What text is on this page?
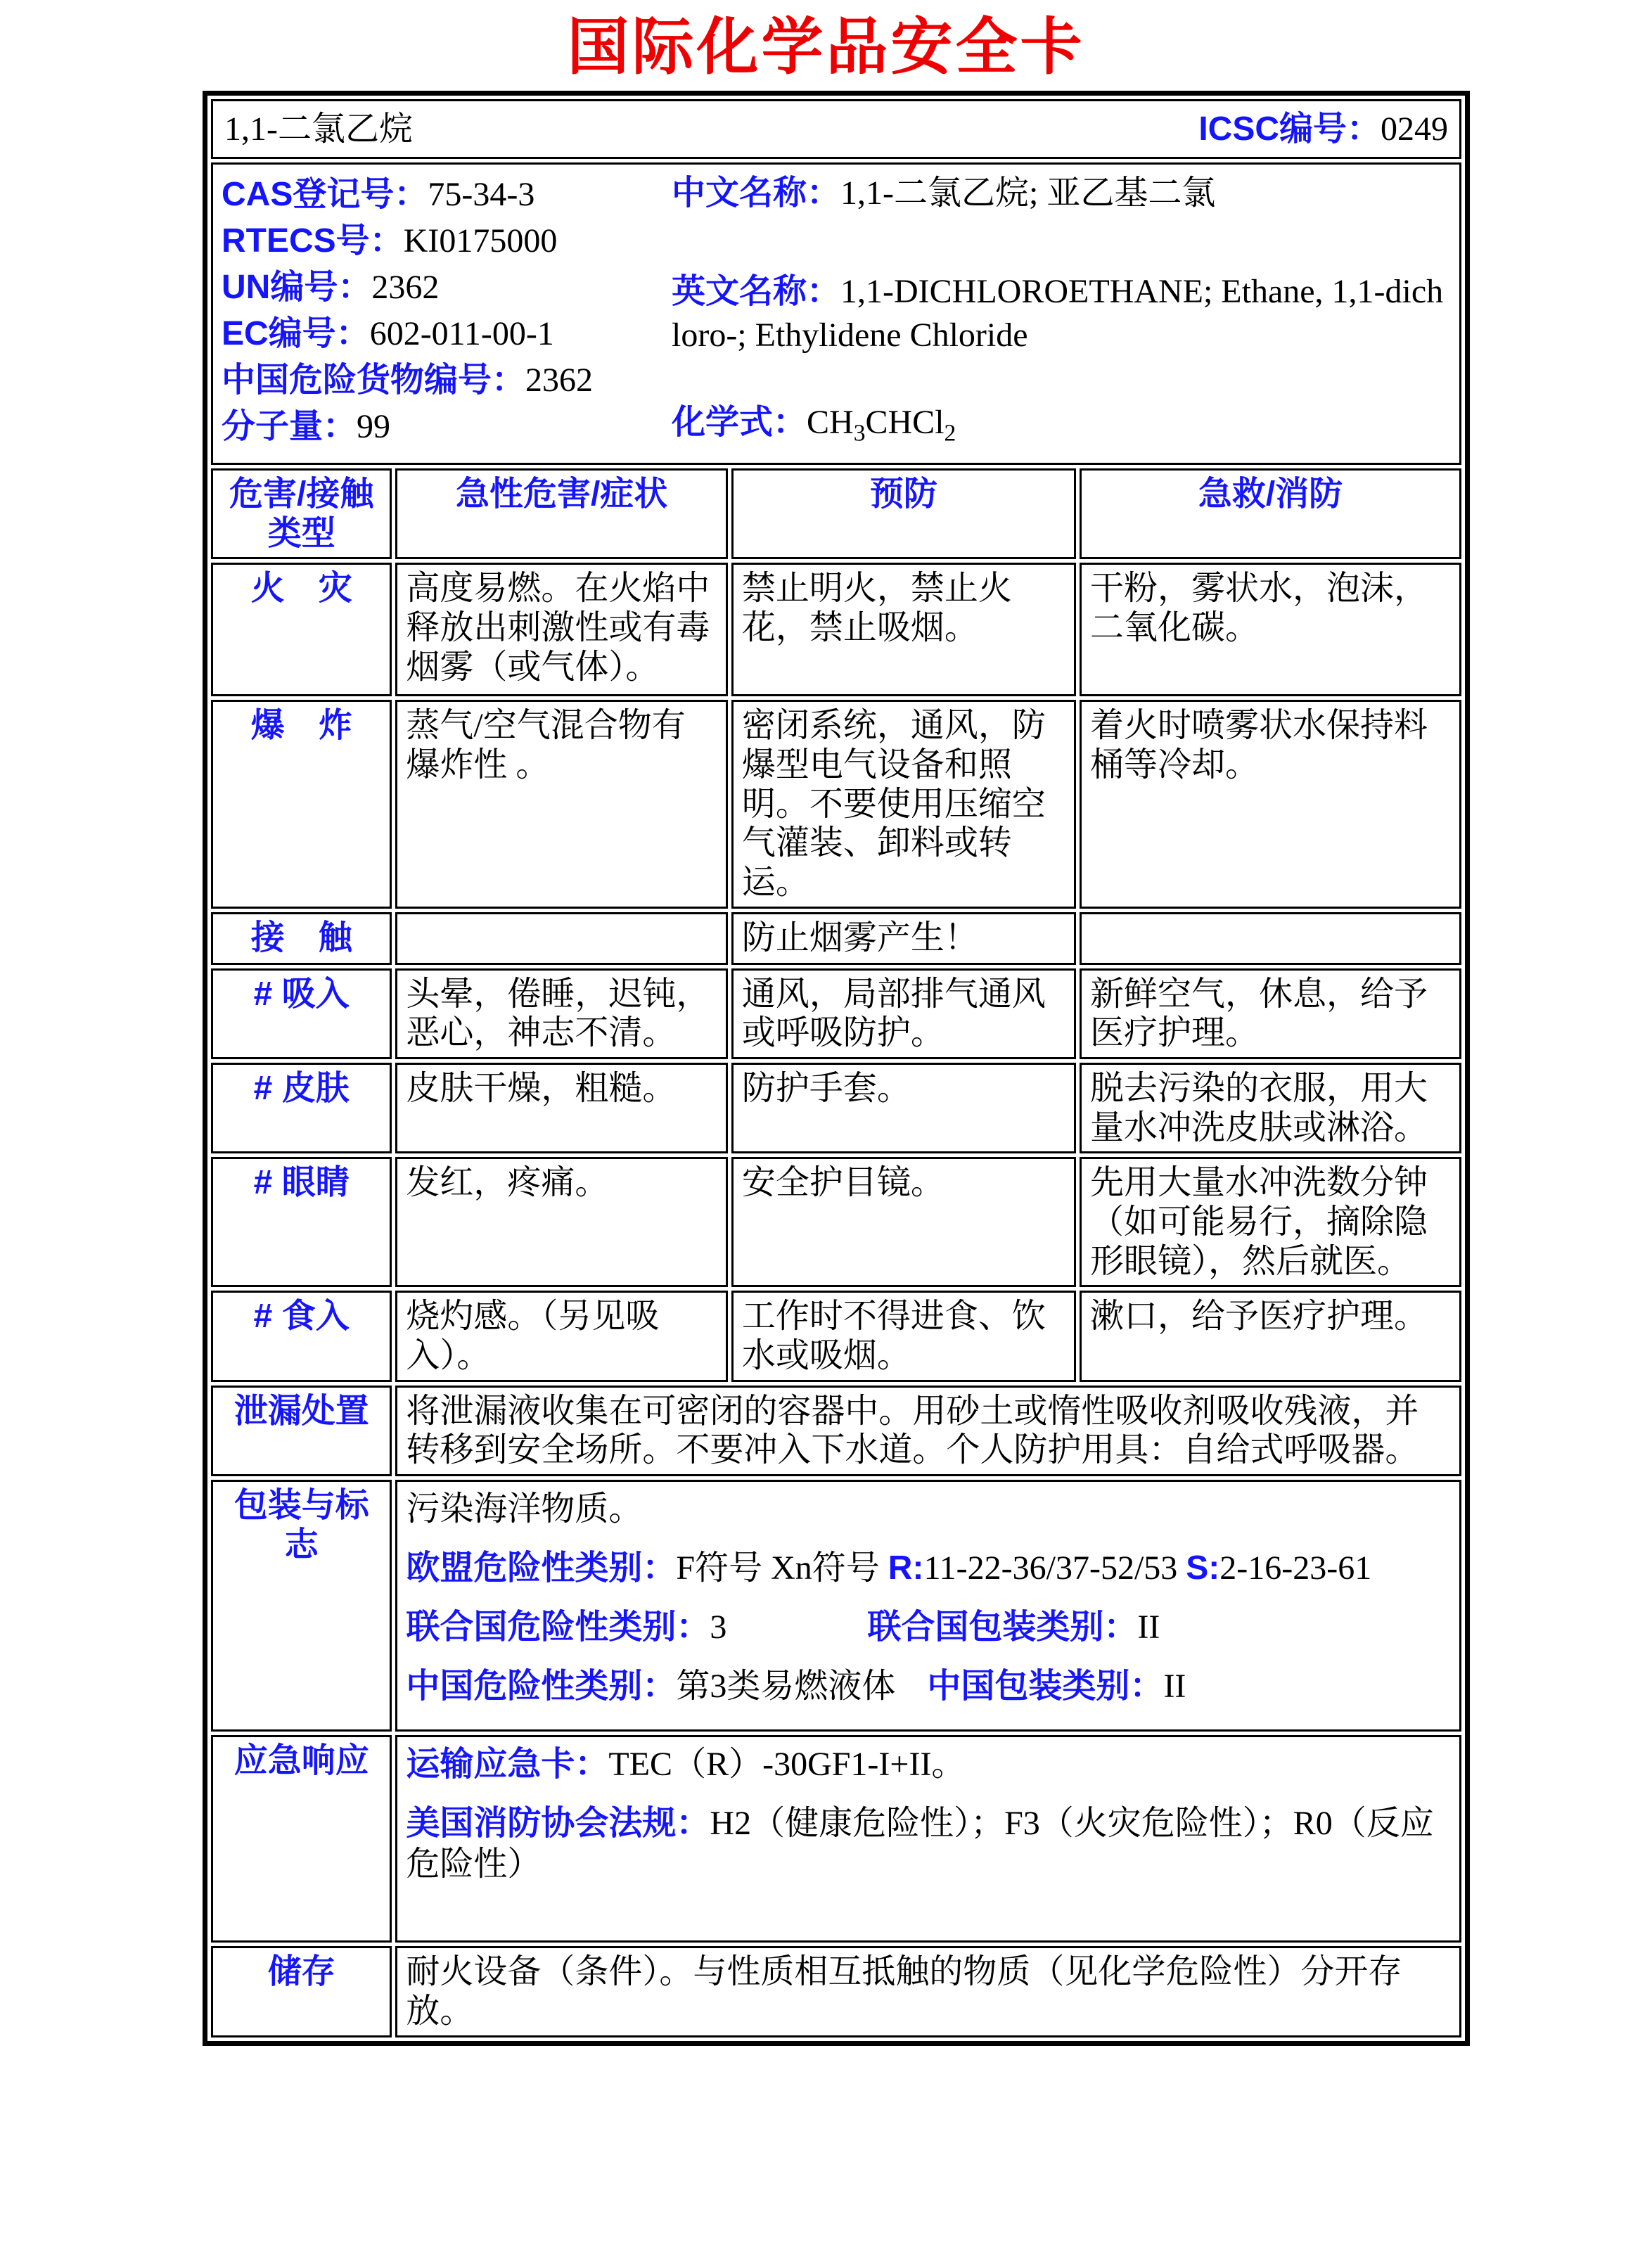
国际化学品安全卡
1,1-二氯乙烷 ICSC编号：0249			

CAS登记号：75-34-3
RTECS号：KI0175000
UN编号：2362
EC编号：602-011-00-1
中国危险货物编号：2362
分子量：99
中文名称：1,1-二氯乙烷; 亚乙基二氯
英文名称：1,1-DICHLOROETHANE; Ethane, 1,1-dichloro-; Ethylidene Chloride
化学式：$CH_3CHCl_2$

危害/接触类型	急性危害/症状	预防	急救/消防
火　灾	高度易燃。在火焰中释放出刺激性或有毒烟雾（或气体）。	禁止明火，禁止火花，禁止吸烟。	干粉，雾状水，泡沫，二氧化碳。
爆　炸	蒸气/空气混合物有爆炸性 。	密闭系统，通风，防爆型电气设备和照明。不要使用压缩空气灌装、卸料或转运。	着火时喷雾状水保持料桶等冷却。
接　触		防止烟雾产生！	
# 吸入	头晕，倦睡，迟钝，恶心，神志不清。	通风，局部排气通风或呼吸防护。	新鲜空气，休息，给予医疗护理。
# 皮肤	皮肤干燥，粗糙。	防护手套。	脱去污染的衣服，用大量水冲洗皮肤或淋浴。
# 眼睛	发红，疼痛。	安全护目镜。	先用大量水冲洗数分钟（如可能易行，摘除隐形眼镜），然后就医。
# 食入	烧灼感。（另见吸入）。	工作时不得进食、饮水或吸烟。	漱口，给予医疗护理。
泄漏处置	将泄漏液收集在可密闭的容器中。用砂土或惰性吸收剂吸收残液，并转移到安全场所。不要冲入下水道。个人防护用具：自给式呼吸器。		
包装与标志	污染海洋物质。
欧盟危险性类别：F符号 Xn符号 R:11-22-36/37-52/53 S:2-16-23-61
联合国危险性类别：3 联合国包装类别：II
中国危险性类别：第3类易燃液体 中国包装类别：II		

应急响应	运输应急卡：TEC（R）-30GF1-I+II。
美国消防协会法规：H2（健康危险性）；F3（火灾危险性）；R0（反应危险性）		

储存	耐火设备（条件）。与性质相互抵触的物质（见化学危险性）分开存放。		
